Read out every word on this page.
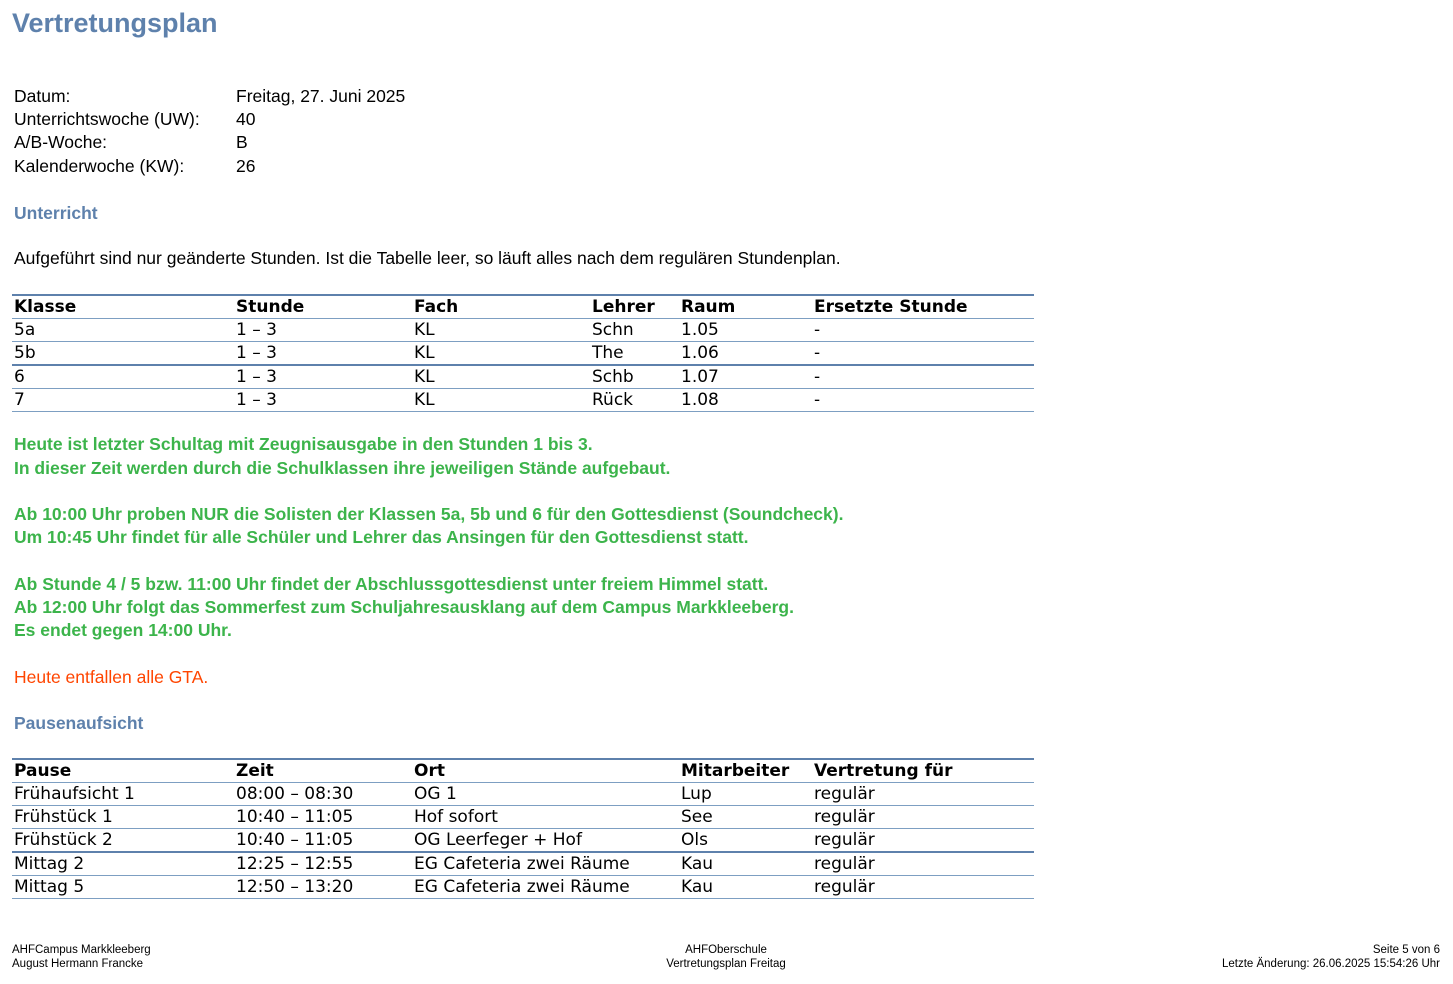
Vertretungsplan
Datum:	Freitag, 27. Juni 2025
Unterrichtswoche (UW): 40
A/B-Woche:	B
Kalenderwoche (KW):	26
Unterricht
Aufgeführt sind nur geänderte Stunden. Ist die Tabelle leer, so läuft alles nach dem regulären Stundenplan.
Klasse	Stunde	Fach	Lehrer	Raum	Ersetzte Stunde
5a	1 – 3	KL	Schn	1.05	-
5b	1 – 3	KL	The	1.06	-
6	1 – 3	KL	Schb	1.07	-
7	1 – 3	KL	Rück	1.08	-
Heute ist letzter Schultag mit Zeugnisausgabe in den Stunden 1 bis 3.
In dieser Zeit werden durch die Schulklassen ihre jeweiligen Stände aufgebaut.
Ab 10:00 Uhr proben NUR die Solisten der Klassen 5a, 5b und 6 für den Gottesdienst (Soundcheck).
Um 10:45 Uhr findet für alle Schüler und Lehrer das Ansingen für den Gottesdienst statt.
Ab Stunde 4 / 5 bzw. 11:00 Uhr findet der Abschlussgottesdienst unter freiem Himmel statt.
Ab 12:00 Uhr folgt das Sommerfest zum Schuljahresausklang auf dem Campus Markkleeberg.
Es endet gegen 14:00 Uhr.
Heute entfallen alle GTA.
Pausenaufsicht
Pause	Zeit	Ort	Mitarbeiter	Vertretung für
Frühaufsicht 1	08:00 – 08:30	OG 1	Lup	regulär
Frühstück 1	10:40 – 11:05	Hof sofort	See	regulär
Frühstück 2	10:40 – 11:05	OG Leerfeger + Hof	Ols	regulär
Mittag 2	12:25 – 12:55	EG Cafeteria zwei Räume	Kau	regulär
Mittag 5	12:50 – 13:20	EG Cafeteria zwei Räume	Kau	regulär
AHFCampus Markkleeberg
August Hermann Francke
AHFOberschule
Vertretungsplan Freitag
Seite 5 von 6
Letzte Änderung: 26.06.2025 15:54:26 Uhr
